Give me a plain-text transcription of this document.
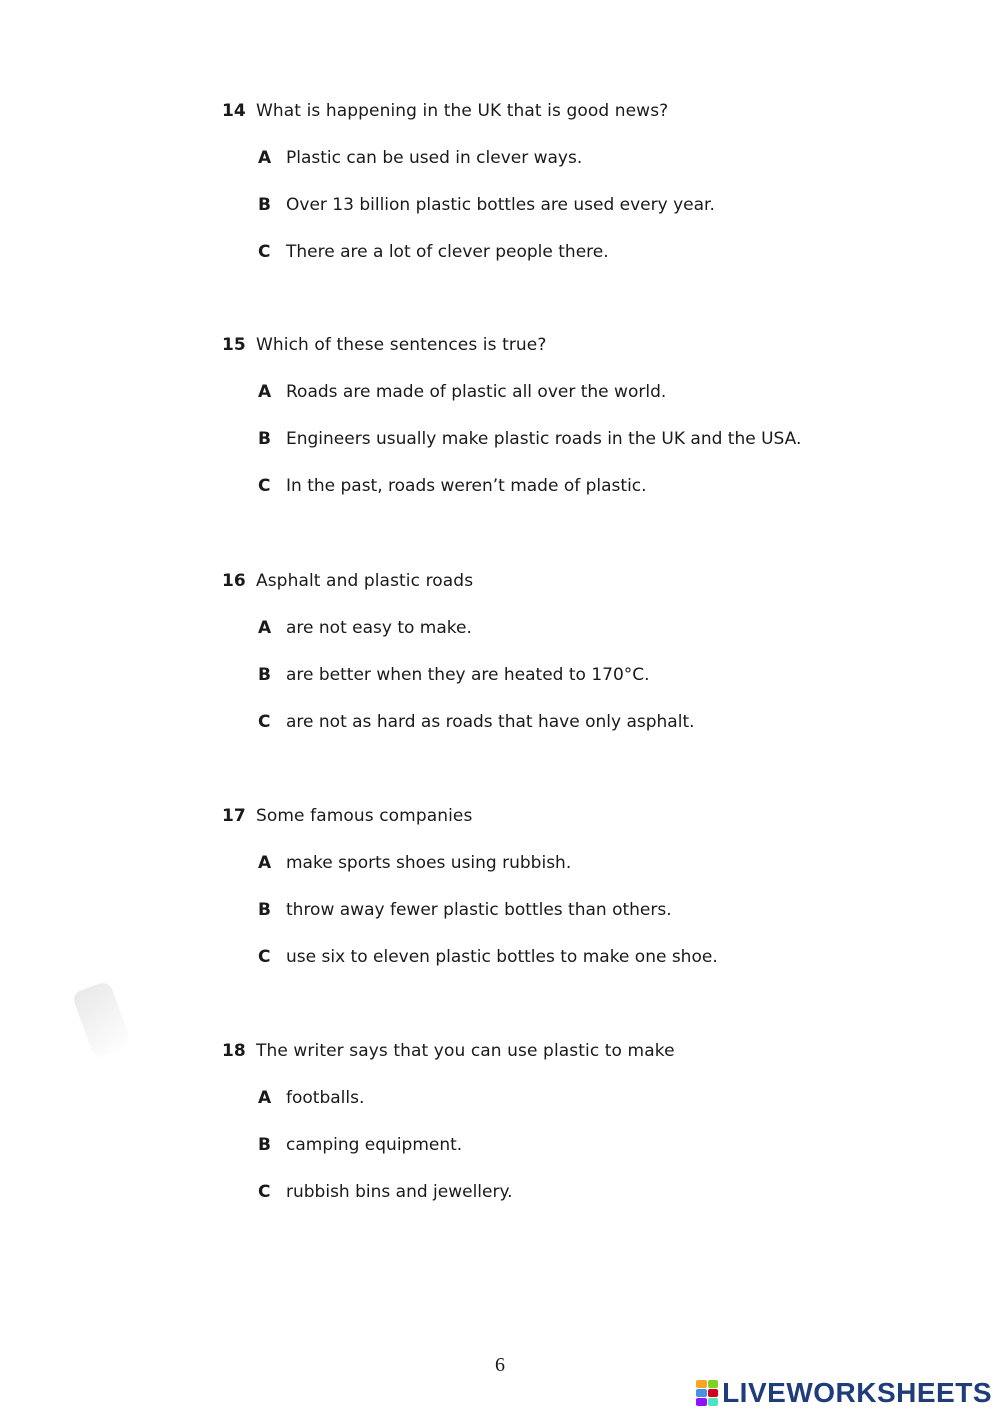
14 What is happening in the UK that is good news?
A Plastic can be used in clever ways.
B Over 13 billion plastic bottles are used every year.
C There are a lot of clever people there.
15 Which of these sentences is true?
A Roads are made of plastic all over the world.
B Engineers usually make plastic roads in the UK and the USA.
C In the past, roads weren’t made of plastic.
16 Asphalt and plastic roads
A are not easy to make.
B are better when they are heated to 170°C.
C are not as hard as roads that have only asphalt.
17 Some famous companies
A make sports shoes using rubbish.
B throw away fewer plastic bottles than others.
C use six to eleven plastic bottles to make one shoe.
18 The writer says that you can use plastic to make
A footballs.
B camping equipment.
C rubbish bins and jewellery.
6
LIVEWORKSHEETS
